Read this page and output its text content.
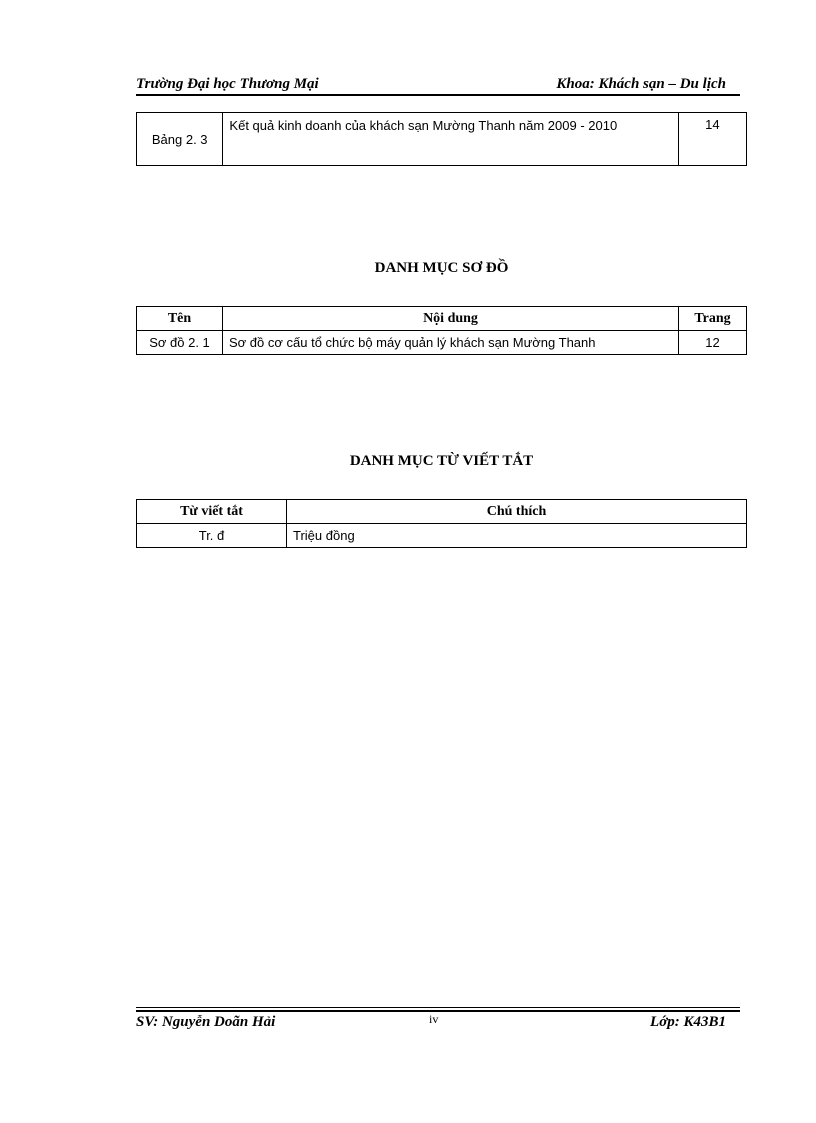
Trường Đại học Thương Mại	Khoa: Khách sạn – Du lịch
Bảng 2. 3	Kết quả kinh doanh của khách sạn Mường Thanh năm 2009 - 2010	14
DANH MỤC SƠ ĐỒ
Tên	Nội dung	Trang
Sơ đồ 2. 1	Sơ đồ cơ cấu tổ chức bộ máy quản lý khách sạn Mường Thanh	12
DANH MỤC TỪ VIẾT TẮT
Từ viết tắt	Chú thích
Tr. đ	Triệu đồng
SV: Nguyễn Doãn Hải	iv	Lớp: K43B1
